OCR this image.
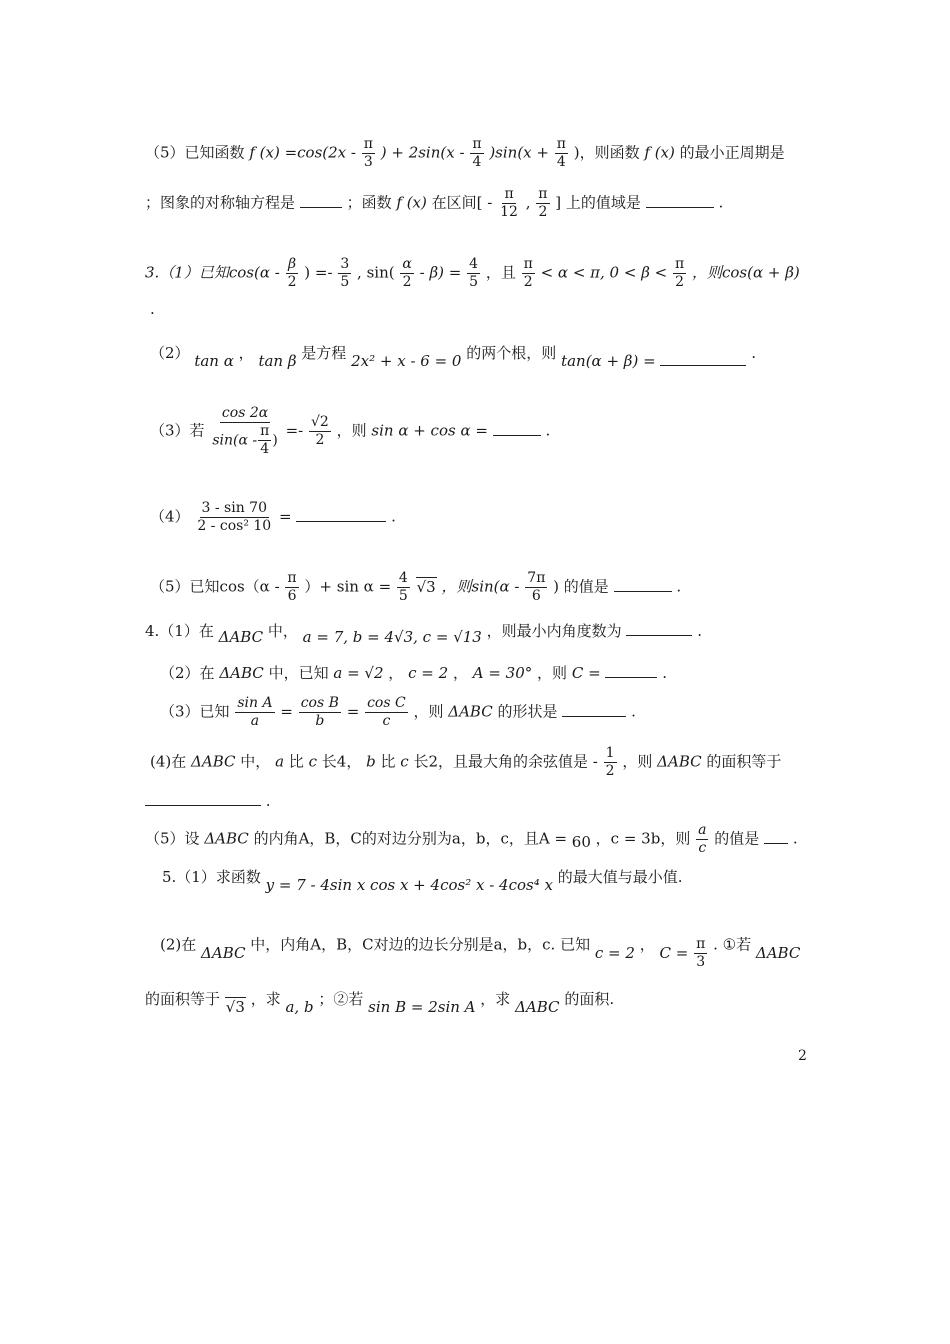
（5）已知函数 f $(x) =\cos(2x - \frac{\pi}{3}$ ) + $2\sin(x - \frac{\pi}{4} )\sin(x + \frac{\pi}{4}$ )，则函数 f (x) 的最小正周期是
；图象的对称轴方程是	；函数 f (x) 在区间[ - $\frac{\pi}{12}$ , $\frac{\pi}{2}$ ] 上的值域是	.
3.（1）已知$\cos(\alpha - \frac{\beta}{2}$ ) =- $\frac{3}{5}$ , $\sin( \frac{\alpha}{2} - \beta) = \frac{4}{5}$ ，且 $\frac{\pi}{2} < \alpha < \pi$, $0 < \beta < \frac{\pi}{2}$ ，则cos(α + β)
.
（2） tan α ， tan β 是方程 2x² + x - 6 = 0 的两个根，则 tan(α + β) =	.
（3）若 $\frac{\cos 2\alpha}{\sin(\alpha - \frac{\pi}{4} )} =- \frac{√2}{2}$ ，则 sin α + cos α =	.
$(4) \frac{3 - \sin 70}{\text{2 - cos² 10}}$ =	.
（5）已知$\cos(\alpha - \frac{\pi}{6}$ ）+ $\sin \alpha = \frac{4}{5} √3$ ，则$\sin(\alpha - \frac{7\pi}{6}$ ) 的值是	.
4.（1）在 ΔABC 中， a = 7, b = 4√3, c = √13 ，则最小内角度数为	.
（2）在 ΔABC 中，已知 a = √2 ， c = 2 ， A = 30° ，则 C =	.
（3）已知 $\frac{\text{sin A}}{a} = \frac{\text{cos B}}{b} = \frac{\text{cos C}}{c}$ ，则 ΔABC 的形状是	.
(4)在 ΔABC 中， a 比 c 长4， b 比 c 长2，且最大角的余弦值是 - $\frac{1}{2}$ ，则 ΔABC 的面积等于
.
（5）设 ΔABC 的内角A，B，C的对边分别为a，b，c，且A = 60 ，c = 3b，则 $\frac{a}{c}$ 的值是 .
5.（1）求函数 y = 7 - 4sin x cos x + 4cos² x - 4cos⁴ x 的最大值与最小值.
(2)在 ΔABC 中，内角A，B，C对边的边长分别是a，b，c. 已知 c = 2 ， $C = \frac{\pi}{3}$ . ①若 ΔABC
的面积等于 √3 ，求 a, b ；②若 sin B = 2sin A ，求 ΔABC 的面积.
2
